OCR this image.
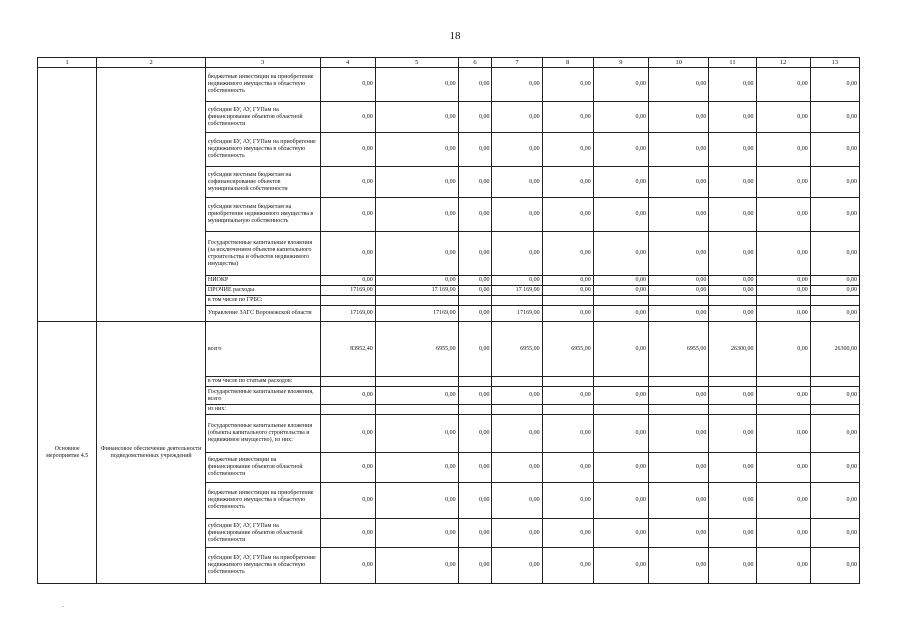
18
1	2	3	4	5	6	7	8	9	10	11	12	13
		бюджетные инвестиции на приобретение недвижимого имущества в областную собственность	0,00	0,00	0,00	0,00	0,00	0,00	0,00	0,00	0,00	0,00
		субсидии БУ, АУ, ГУПам на финансирование объектов областной собственности	0,00	0,00	0,00	0,00	0,00	0,00	0,00	0,00	0,00	0,00
		субсидии БУ, АУ, ГУПам на приобретение недвижимого имущества в областную собственность	0,00	0,00	0,00	0,00	0,00	0,00	0,00	0,00	0,00	0,00
		субсидии местным бюджетам на софинансирование объектов муниципальной собственности	0,00	0,00	0,00	0,00	0,00	0,00	0,00	0,00	0,00	0,00
		субсидии местным бюджетам на приобретение недвижимого имущества в муниципальную собственность	0,00	0,00	0,00	0,00	0,00	0,00	0,00	0,00	0,00	0,00
		Государственные капитальные вложения (за исключением объектов капитального строительства и объектов недвижимого имущества)	0,00	0,00	0,00	0,00	0,00	0,00	0,00	0,00	0,00	0,00
		НИОКР	0,00	0,00	0,00	0,00	0,00	0,00	0,00	0,00	0,00	0,00
		ПРОЧИЕ расходы	17169,00	17 169,00	0,00	17 169,00	0,00	0,00	0,00	0,00	0,00	0,00
		в том числе по ГРБС:										
		Управление ЗАГС Воронежской области	17169,00	17169,00	0,00	17169,00	0,00	0,00	0,00	0,00	0,00	0,00
Основное мероприятие 4.5	Финансовое обеспечение деятельности подведомственных учреждений	всего	83952,40	6955,00	0,00	6955,00	6955,00	0,00	6955,00	26300,00	0,00	26300,00
		в том числе по статьям расходов:										
		Государственные капитальные вложения, всего	0,00	0,00	0,00	0,00	0,00	0,00	0,00	0,00	0,00	0,00
		из них:										
		Государственные капитальные вложения (объекты капитального строительства и недвижимое имущество), из них:	0,00	0,00	0,00	0,00	0,00	0,00	0,00	0,00	0,00	0,00
		бюджетные инвестиции на финансирование объектов областной собственности	0,00	0,00	0,00	0,00	0,00	0,00	0,00	0,00	0,00	0,00
		бюджетные инвестиции на приобретение недвижимого имущества в областную собственность	0,00	0,00	0,00	0,00	0,00	0,00	0,00	0,00	0,00	0,00
		субсидии БУ, АУ, ГУПам на финансирование объектов областной собственности	0,00	0,00	0,00	0,00	0,00	0,00	0,00	0,00	0,00	0,00
		субсидии БУ, АУ, ГУПам на приобретение недвижимого имущества в областную собственность	0,00	0,00	0,00	0,00	0,00	0,00	0,00	0,00	0,00	0,00
-
